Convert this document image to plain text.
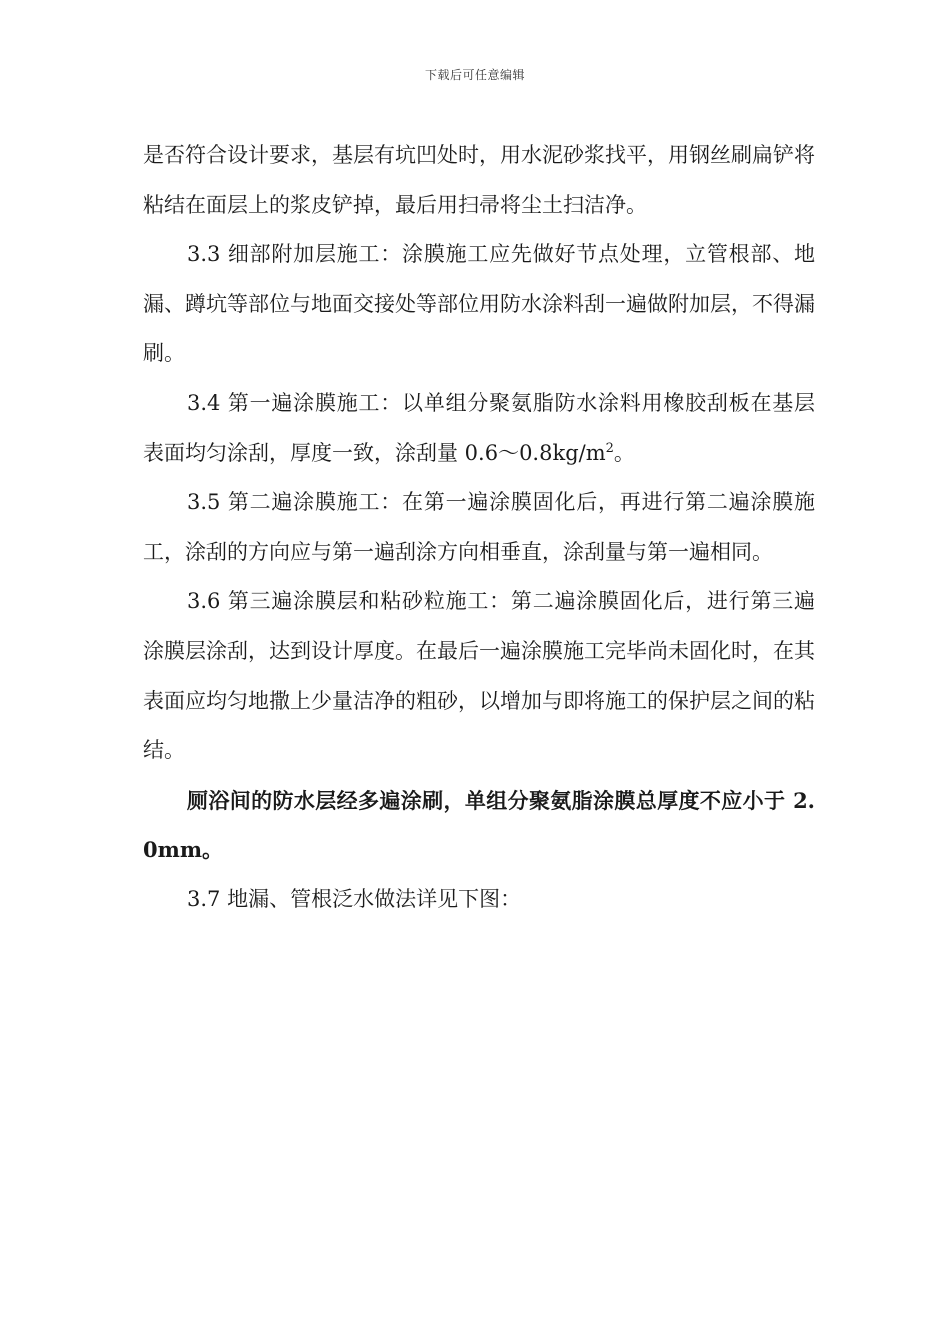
下载后可任意编辑

是否符合设计要求，基层有坑凹处时，用水泥砂浆找平，用钢丝刷扁铲将粘结在面层上的浆皮铲掉，最后用扫帚将尘土扫洁净。

3.3 细部附加层施工：涂膜施工应先做好节点处理，立管根部、地漏、蹲坑等部位与地面交接处等部位用防水涂料刮一遍做附加层，不得漏刷。

3.4 第一遍涂膜施工：以单组分聚氨脂防水涂料用橡胶刮板在基层表面均匀涂刮，厚度一致，涂刮量 $0.6\sim 0.8kg/m^2$。

3.5 第二遍涂膜施工：在第一遍涂膜固化后，再进行第二遍涂膜施工，涂刮的方向应与第一遍刮涂方向相垂直，涂刮量与第一遍相同。

3.6 第三遍涂膜层和粘砂粒施工：第二遍涂膜固化后，进行第三遍涂膜层涂刮，达到设计厚度。在最后一遍涂膜施工完毕尚未固化时，在其表面应均匀地撒上少量洁净的粗砂，以增加与即将施工的保护层之间的粘结。

厕浴间的防水层经多遍涂刷，单组分聚氨脂涂膜总厚度不应小于 2.0mm。

3.7 地漏、管根泛水做法详见下图：
